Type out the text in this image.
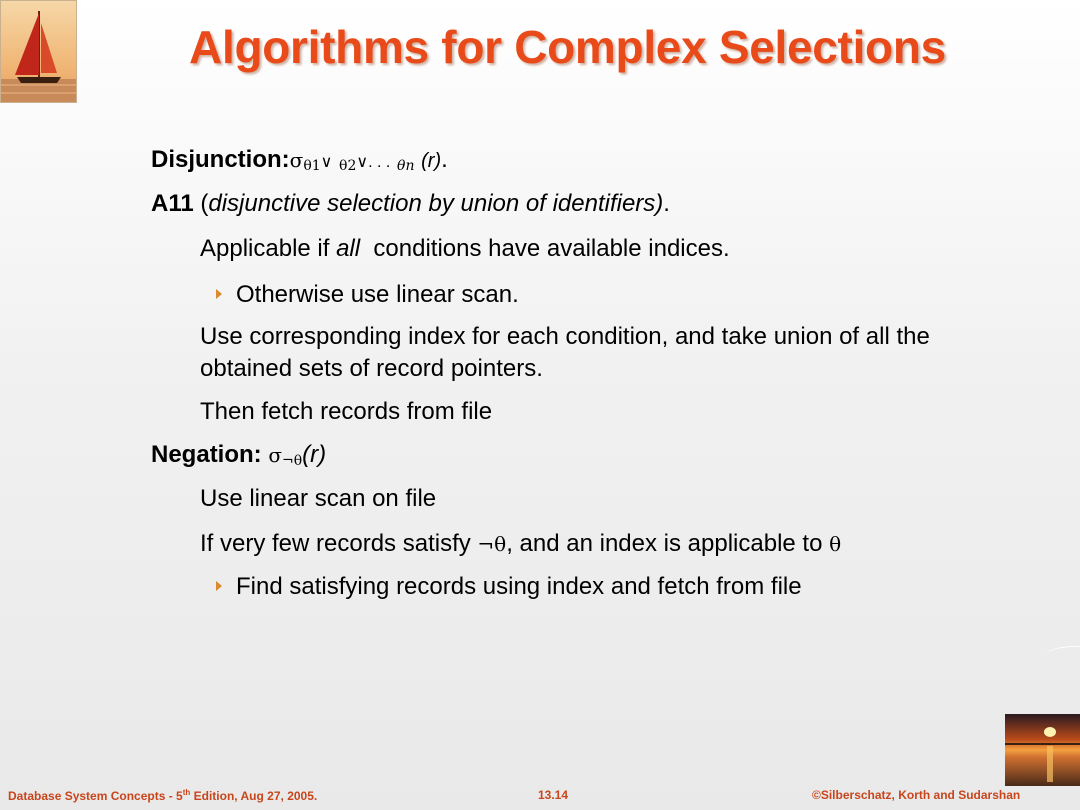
Algorithms for Complex Selections
$Disjunction:\sigma_{\theta 1}\vee$ $_{\theta 2}$∨. . . $_{\theta n}$ (r).
A11 (disjunctive selection by union of identifiers).
Applicable if all  conditions have available indices.
Otherwise use linear scan.
Use corresponding index for each condition, and take union of all the
obtained sets of record pointers.
Then fetch records from file
Negation: $\sigma_{\neg\theta}(r)$
Use linear scan on file
If very few records satisfy ¬θ, and an index is applicable to θ
Find satisfying records using index and fetch from file
Database System Concepts - 5th Edition, Aug 27, 2005.	13.14	©Silberschatz, Korth and Sudarshan
